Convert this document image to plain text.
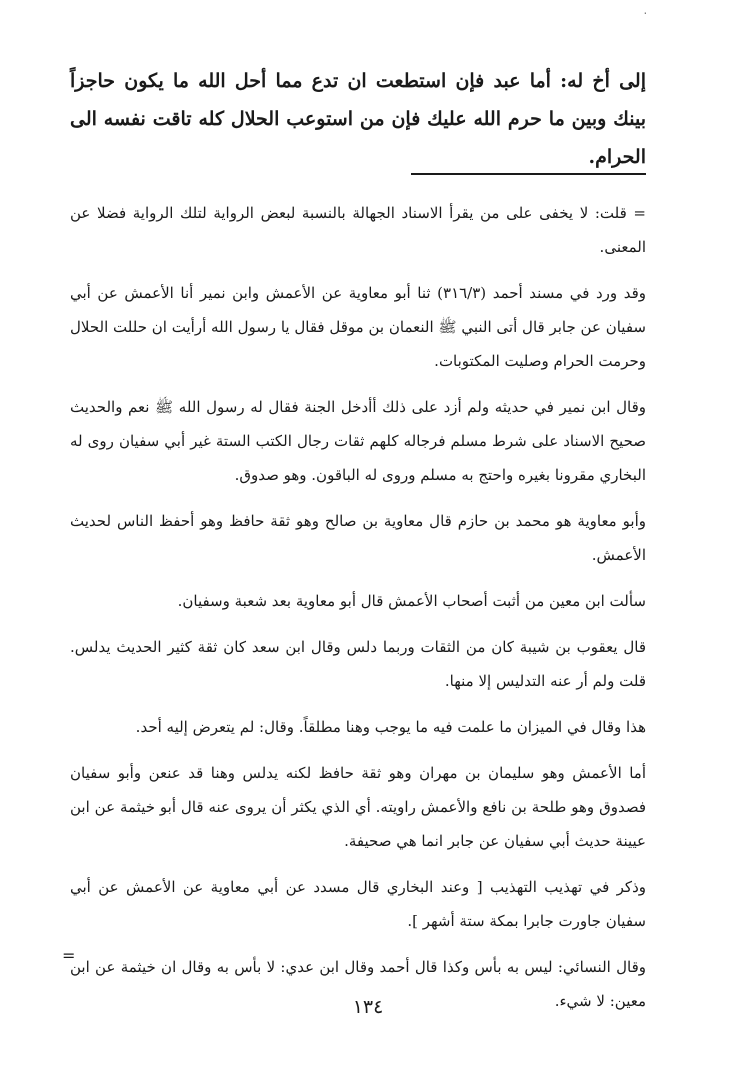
٠

إلى أخ له: أما عبد فإن استطعت ان تدع مما أحل الله ما يكون حاجزاً بينك وبين ما حرم الله عليك فإن من استوعب الحلال كله تاقت نفسه الى الحرام.

= قلت: لا يخفى على من يقرأ الاسناد الجهالة بالنسبة لبعض الرواية لتلك الرواية فضلا عن المعنى.

وقد ورد في مسند أحمد (٣١٦/٣) ثنا أبو معاوية عن الأعمش وابن نمير أنا الأعمش عن أبي سفيان عن جابر قال أتى النبي ﷺ النعمان بن موقل فقال يا رسول الله أرأيت ان حللت الحلال وحرمت الحرام وصليت المكتوبات.

وقال ابن نمير في حديثه ولم أزد على ذلك أأدخل الجنة فقال له رسول الله ﷺ نعم والحديث صحيح الاسناد على شرط مسلم فرجاله كلهم ثقات رجال الكتب الستة غير أبي سفيان روى له البخاري مقرونا بغيره واحتج به مسلم وروى له الباقون. وهو صدوق.

وأبو معاوية هو محمد بن حازم قال معاوية بن صالح وهو ثقة حافظ وهو أحفظ الناس لحديث الأعمش.

سألت ابن معين من أثبت أصحاب الأعمش قال أبو معاوية بعد شعبة وسفيان.

قال يعقوب بن شيبة كان من الثقات وربما دلس وقال ابن سعد كان ثقة كثير الحديث يدلس. قلت ولم أر عنه التدليس إلا منها.

هذا وقال في الميزان ما علمت فيه ما يوجب وهنا مطلقاً. وقال: لم يتعرض إليه أحد.

أما الأعمش وهو سليمان بن مهران وهو ثقة حافظ لكنه يدلس وهنا قد عنعن وأبو سفيان فصدوق وهو طلحة بن نافع والأعمش راويته. أي الذي يكثر أن يروى عنه قال أبو خيثمة عن ابن عيينة حديث أبي سفيان عن جابر انما هي صحيفة.

وذكر في تهذيب التهذيب [ وعند البخاري قال مسدد عن أبي معاوية عن الأعمش عن أبي سفيان جاورت جابرا بمكة ستة أشهر ].

وقال النسائي: ليس به بأس وكذا قال أحمد وقال ابن عدي: لا بأس به وقال ان خيثمة عن ابن معين: لا شيء.

=
١٣٤
